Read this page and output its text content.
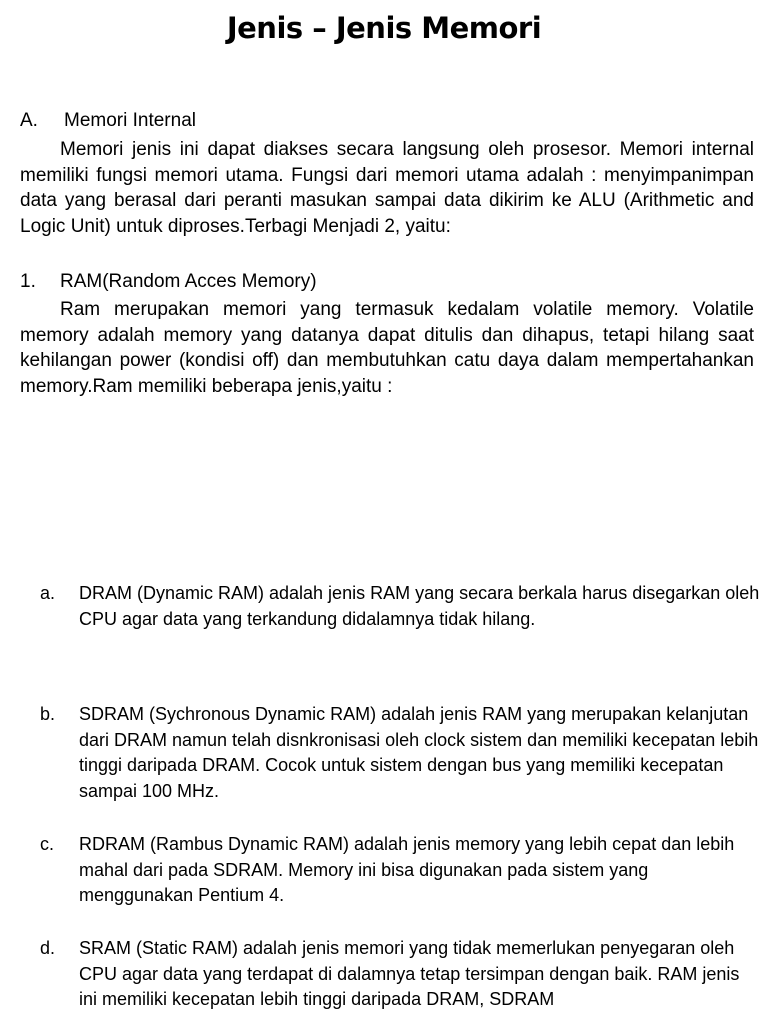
Jenis – Jenis Memori
A. Memori Internal

Memori jenis ini dapat diakses secara langsung oleh prosesor. Memori internal memiliki fungsi memori utama. Fungsi dari memori utama adalah : menyimpanimpan data yang berasal dari peranti masukan sampai data dikirim ke ALU (Arithmetic and Logic Unit) untuk diproses.Terbagi Menjadi 2, yaitu:

1. RAM(Random Acces Memory)

Ram merupakan memori yang termasuk kedalam volatile memory. Volatile memory adalah memory yang datanya dapat ditulis dan dihapus, tetapi hilang saat kehilangan power (kondisi off) dan membutuhkan catu daya dalam mempertahankan memory.Ram memiliki beberapa jenis,yaitu :

a.	DRAM (Dynamic RAM) adalah jenis RAM yang secara berkala harus disegarkan oleh CPU agar data yang terkandung didalamnya tidak hilang.
b.	SDRAM (Sychronous Dynamic RAM) adalah jenis RAM yang merupakan kelanjutan dari DRAM namun telah disnkronisasi oleh clock sistem dan memiliki kecepatan lebih tinggi daripada DRAM. Cocok untuk sistem dengan bus yang memiliki kecepatan sampai 100 MHz.
c.	RDRAM (Rambus Dynamic RAM) adalah jenis memory yang lebih cepat dan lebih mahal dari pada SDRAM. Memory ini bisa digunakan pada sistem yang menggunakan Pentium 4.
d.	SRAM (Static RAM) adalah jenis memori yang tidak memerlukan penyegaran oleh CPU agar data yang terdapat di dalamnya tetap tersimpan dengan baik. RAM jenis ini memiliki kecepatan lebih tinggi daripada DRAM, SDRAM
